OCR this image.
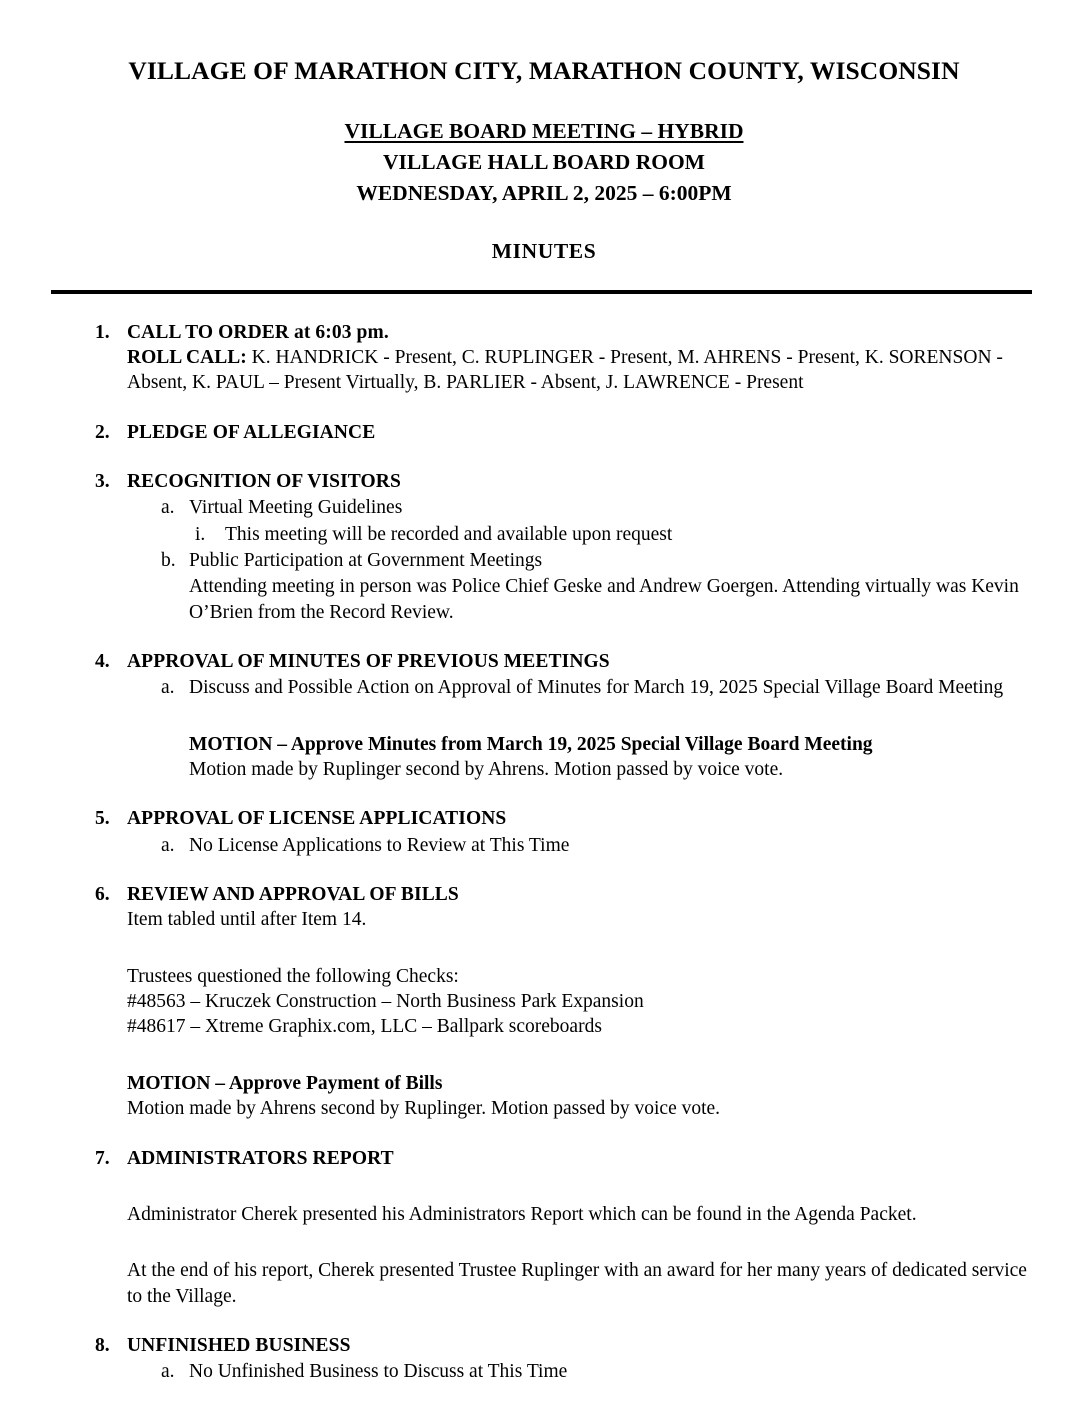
VILLAGE OF MARATHON CITY, MARATHON COUNTY, WISCONSIN
VILLAGE BOARD MEETING – HYBRID
VILLAGE HALL BOARD ROOM
WEDNESDAY, APRIL 2, 2025 – 6:00PM
MINUTES
1. CALL TO ORDER at 6:03 pm.
ROLL CALL: K. HANDRICK - Present, C. RUPLINGER - Present, M. AHRENS - Present, K. SORENSON - Absent, K. PAUL – Present Virtually, B. PARLIER - Absent, J. LAWRENCE - Present
2. PLEDGE OF ALLEGIANCE
3. RECOGNITION OF VISITORS
a. Virtual Meeting Guidelines
i. This meeting will be recorded and available upon request
b. Public Participation at Government Meetings
Attending meeting in person was Police Chief Geske and Andrew Goergen. Attending virtually was Kevin O’Brien from the Record Review.
4. APPROVAL OF MINUTES OF PREVIOUS MEETINGS
a. Discuss and Possible Action on Approval of Minutes for March 19, 2025 Special Village Board Meeting
MOTION – Approve Minutes from March 19, 2025 Special Village Board Meeting
Motion made by Ruplinger second by Ahrens. Motion passed by voice vote.
5. APPROVAL OF LICENSE APPLICATIONS
a. No License Applications to Review at This Time
6. REVIEW AND APPROVAL OF BILLS
Item tabled until after Item 14.
Trustees questioned the following Checks:
#48563 – Kruczek Construction – North Business Park Expansion
#48617 – Xtreme Graphix.com, LLC – Ballpark scoreboards
MOTION – Approve Payment of Bills
Motion made by Ahrens second by Ruplinger. Motion passed by voice vote.
7. ADMINISTRATORS REPORT
Administrator Cherek presented his Administrators Report which can be found in the Agenda Packet.
At the end of his report, Cherek presented Trustee Ruplinger with an award for her many years of dedicated service to the Village.
8. UNFINISHED BUSINESS
a. No Unfinished Business to Discuss at This Time
